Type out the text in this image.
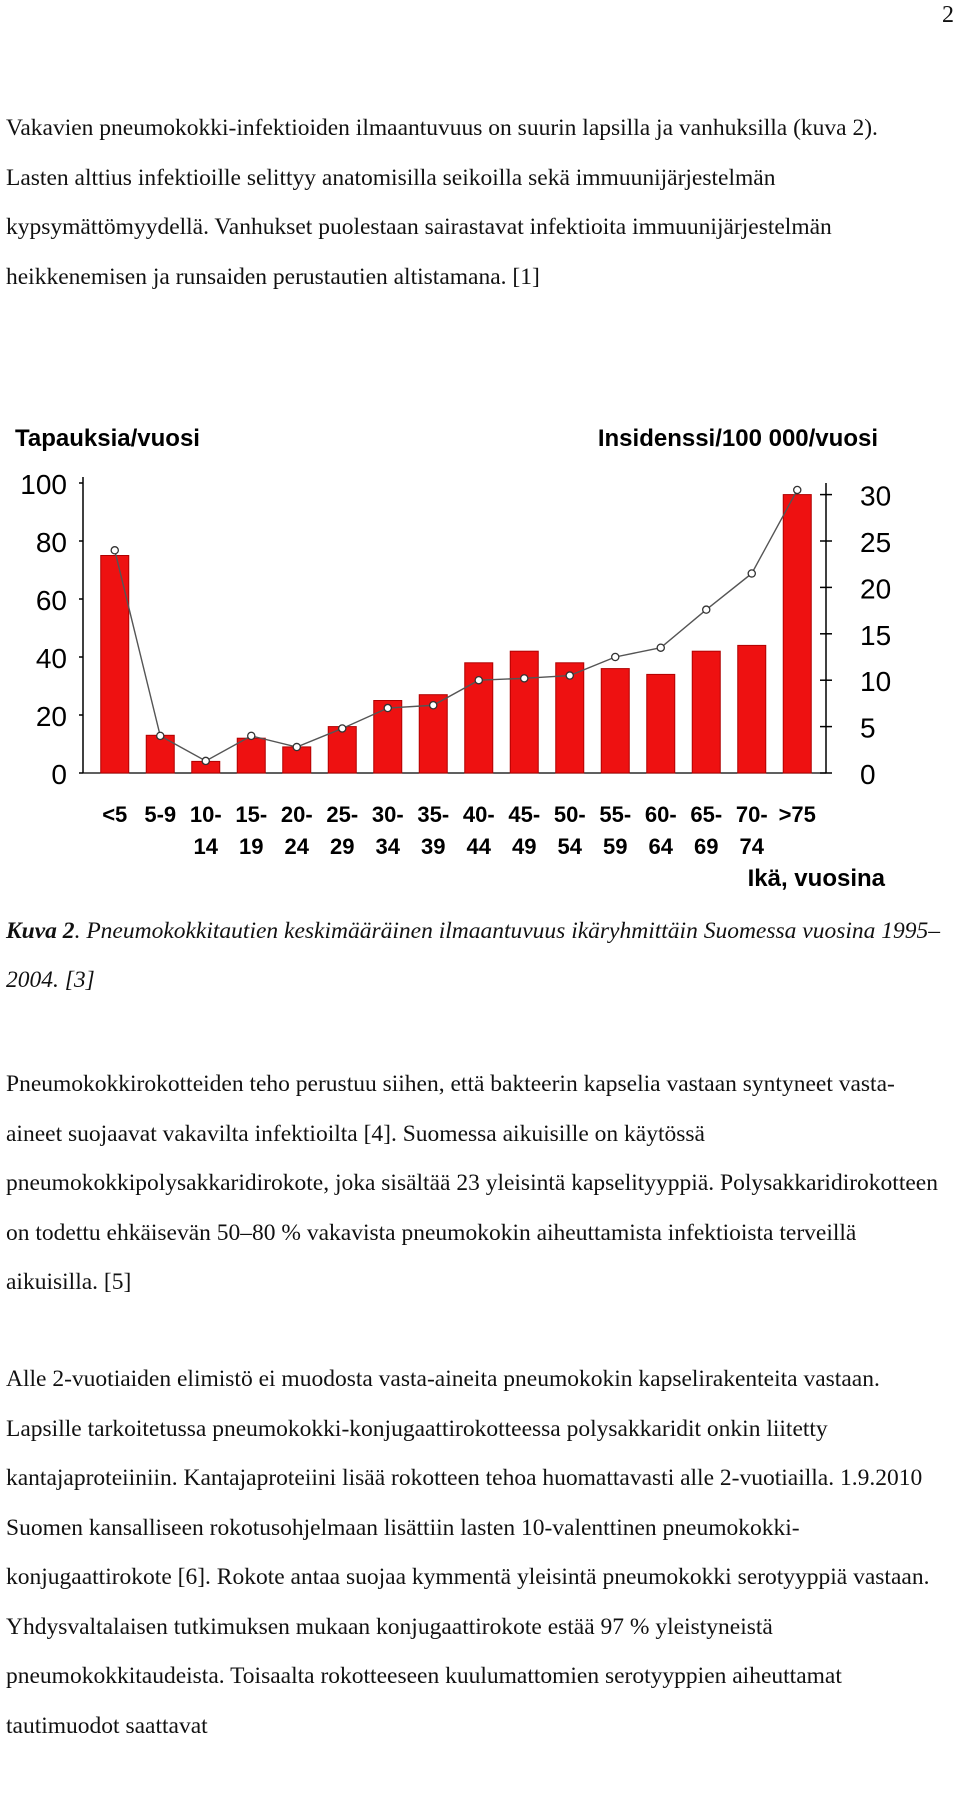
2

Vakavien pneumokokki-infektioiden ilmaantuvuus on suurin lapsilla ja vanhuksilla (kuva 2). Lasten alttius infektioille selittyy anatomisilla seikoilla sekä immuunijärjestelmän kypsymättömyydellä. Vanhukset puolestaan sairastavat infektioita immuunijärjestelmän heikkenemisen ja runsaiden perustautien altistamana. [1]

Tapauksia/vuosi	Insidenssi/100 000/vuosi
0
20
40
60
80
100
0
5
10
15
20
25
30
<5 5-9 10-
14
15-
19
20-
24
25-
29
30-
34
35-
39
40-
44
45-
49
50-
54
55-
59
60-
64
65-
69
70-
74
>75
Ikä, vuosina

Kuva 2. Pneumokokkitautien keskimääräinen ilmaantuvuus ikäryhmittäin Suomessa vuosina 1995–2004. [3]

Pneumokokkirokotteiden teho perustuu siihen, että bakteerin kapselia vastaan syntyneet vasta-aineet suojaavat vakavilta infektioilta [4]. Suomessa aikuisille on käytössä pneumokokkipolysakkaridirokote, joka sisältää 23 yleisintä kapselityyppiä. Polysakkaridirokotteen on todettu ehkäisevän 50–80 % vakavista pneumokokin aiheuttamista infektioista terveillä aikuisilla. [5]

Alle 2-vuotiaiden elimistö ei muodosta vasta-aineita pneumokokin kapselirakenteita vastaan. Lapsille tarkoitetussa pneumokokki-konjugaattirokotteessa polysakkaridit onkin liitetty kantajaproteiiniin. Kantajaproteiini lisää rokotteen tehoa huomattavasti alle 2-vuotiailla. 1.9.2010 Suomen kansalliseen rokotusohjelmaan lisättiin lasten 10-valenttinen pneumokokki-konjugaattirokote [6]. Rokote antaa suojaa kymmentä yleisintä pneumokokki serotyyppiä vastaan. Yhdysvaltalaisen tutkimuksen mukaan konjugaattirokote estää 97 % yleistyneistä pneumokokkitaudeista. Toisaalta rokotteeseen kuulumattomien serotyyppien aiheuttamat tautimuodot saattavat
